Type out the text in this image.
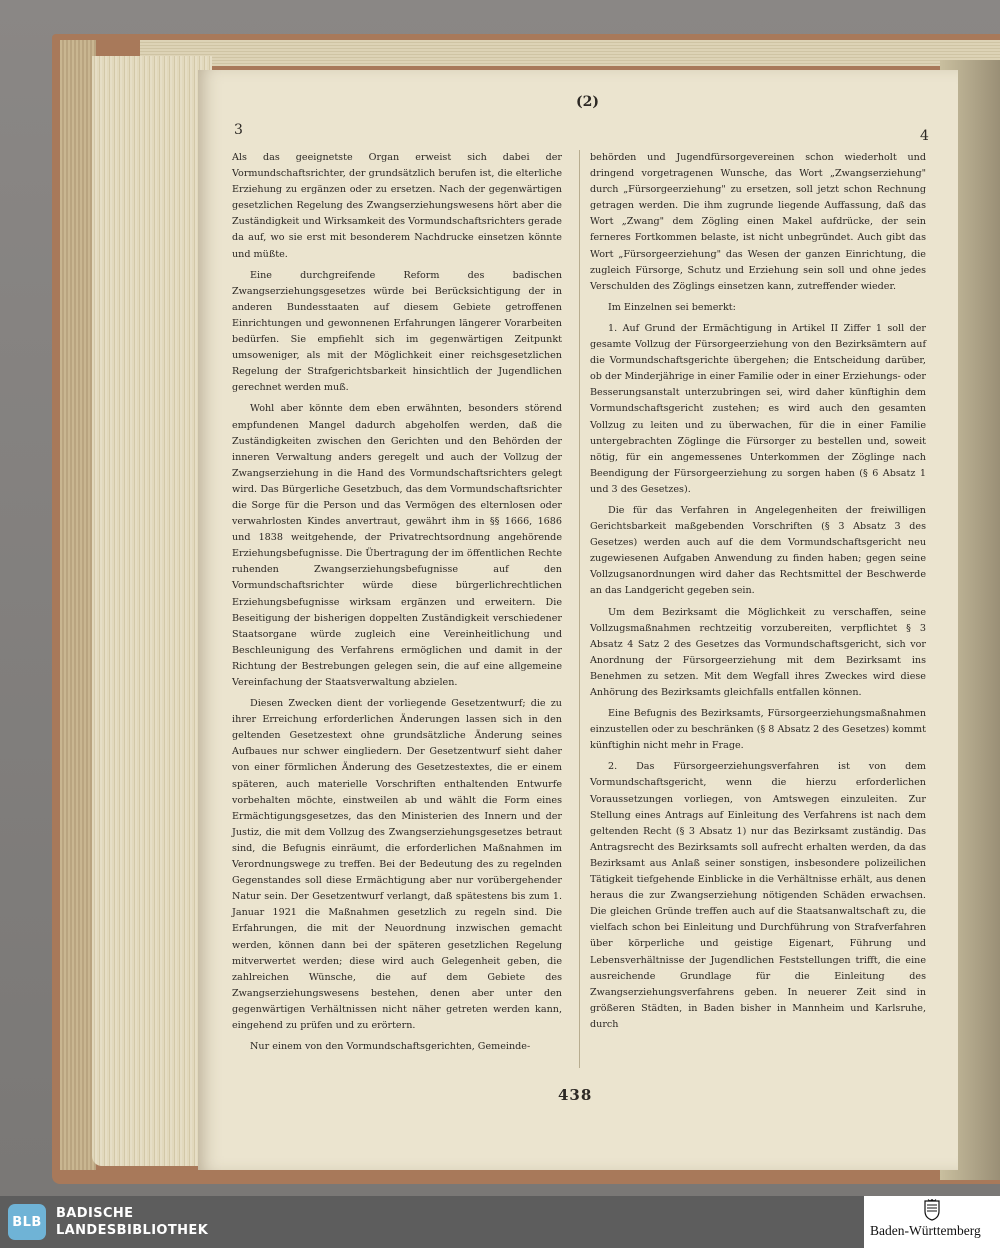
(2)
3	4

Als das geeignetste Organ erweist sich dabei der Vormundschaftsrichter, der grundsätzlich berufen ist, die elterliche Erziehung zu ergänzen oder zu ersetzen. Nach der gegenwärtigen gesetzlichen Regelung des Zwangserziehungswesens hört aber die Zuständigkeit und Wirksamkeit des Vormundschaftsrichters gerade da auf, wo sie erst mit besonderem Nachdrucke einsetzen könnte und müßte.

Eine durchgreifende Reform des badischen Zwangserziehungsgesetzes würde bei Berücksichtigung der in anderen Bundesstaaten auf diesem Gebiete getroffenen Einrichtungen und gewonnenen Erfahrungen längerer Vorarbeiten bedürfen. Sie empfiehlt sich im gegenwärtigen Zeitpunkt umsoweniger, als mit der Möglichkeit einer reichsgesetzlichen Regelung der Strafgerichtsbarkeit hinsichtlich der Jugendlichen gerechnet werden muß.

Wohl aber könnte dem eben erwähnten, besonders störend empfundenen Mangel dadurch abgeholfen werden, daß die Zuständigkeiten zwischen den Gerichten und den Behörden der inneren Verwaltung anders geregelt und auch der Vollzug der Zwangserziehung in die Hand des Vormundschaftsrichters gelegt wird. Das Bürgerliche Gesetzbuch, das dem Vormundschaftsrichter die Sorge für die Person und das Vermögen des elternlosen oder verwahrlosten Kindes anvertraut, gewährt ihm in §§ 1666, 1686 und 1838 weitgehende, der Privatrechtsordnung angehörende Erziehungsbefugnisse. Die Übertragung der im öffentlichen Rechte ruhenden Zwangserziehungsbefugnisse auf den Vormundschaftsrichter würde diese bürgerlichrechtlichen Erziehungsbefugnisse wirksam ergänzen und erweitern. Die Beseitigung der bisherigen doppelten Zuständigkeit verschiedener Staatsorgane würde zugleich eine Vereinheitlichung und Beschleunigung des Verfahrens ermöglichen und damit in der Richtung der Bestrebungen gelegen sein, die auf eine allgemeine Vereinfachung der Staatsverwaltung abzielen.

Diesen Zwecken dient der vorliegende Gesetzentwurf; die zu ihrer Erreichung erforderlichen Änderungen lassen sich in den geltenden Gesetzestext ohne grundsätzliche Änderung seines Aufbaues nur schwer eingliedern. Der Gesetzentwurf sieht daher von einer förmlichen Änderung des Gesetzestextes, die er einem späteren, auch materielle Vorschriften enthaltenden Entwurfe vorbehalten möchte, einstweilen ab und wählt die Form eines Ermächtigungsgesetzes, das den Ministerien des Innern und der Justiz, die mit dem Vollzug des Zwangserziehungsgesetzes betraut sind, die Befugnis einräumt, die erforderlichen Maßnahmen im Verordnungswege zu treffen. Bei der Bedeutung des zu regelnden Gegenstandes soll diese Ermächtigung aber nur vorübergehender Natur sein. Der Gesetzentwurf verlangt, daß spätestens bis zum 1. Januar 1921 die Maßnahmen gesetzlich zu regeln sind. Die Erfahrungen, die mit der Neuordnung inzwischen gemacht werden, können dann bei der späteren gesetzlichen Regelung mitverwertet werden; diese wird auch Gelegenheit geben, die zahlreichen Wünsche, die auf dem Gebiete des Zwangserziehungswesens bestehen, denen aber unter den gegenwärtigen Verhältnissen nicht näher getreten werden kann, eingehend zu prüfen und zu erörtern.

Nur einem von den Vormundschaftsgerichten, Gemeinde-

behörden und Jugendfürsorgevereinen schon wiederholt und dringend vorgetragenen Wunsche, das Wort „Zwangserziehung" durch „Fürsorgeerziehung" zu ersetzen, soll jetzt schon Rechnung getragen werden. Die ihm zugrunde liegende Auffassung, daß das Wort „Zwang" dem Zögling einen Makel aufdrücke, der sein ferneres Fortkommen belaste, ist nicht unbegründet. Auch gibt das Wort „Fürsorgeerziehung" das Wesen der ganzen Einrichtung, die zugleich Fürsorge, Schutz und Erziehung sein soll und ohne jedes Verschulden des Zöglings einsetzen kann, zutreffender wieder.

Im Einzelnen sei bemerkt:

1. Auf Grund der Ermächtigung in Artikel II Ziffer 1 soll der gesamte Vollzug der Fürsorgeerziehung von den Bezirksämtern auf die Vormundschaftsgerichte übergehen; die Entscheidung darüber, ob der Minderjährige in einer Familie oder in einer Erziehungs- oder Besserungsanstalt unterzubringen sei, wird daher künftighin dem Vormundschaftsgericht zustehen; es wird auch den gesamten Vollzug zu leiten und zu überwachen, für die in einer Familie untergebrachten Zöglinge die Fürsorger zu bestellen und, soweit nötig, für ein angemessenes Unterkommen der Zöglinge nach Beendigung der Fürsorgeerziehung zu sorgen haben (§ 6 Absatz 1 und 3 des Gesetzes).

Die für das Verfahren in Angelegenheiten der freiwilligen Gerichtsbarkeit maßgebenden Vorschriften (§ 3 Absatz 3 des Gesetzes) werden auch auf die dem Vormundschaftsgericht neu zugewiesenen Aufgaben Anwendung zu finden haben; gegen seine Vollzugsanordnungen wird daher das Rechtsmittel der Beschwerde an das Landgericht gegeben sein.

Um dem Bezirksamt die Möglichkeit zu verschaffen, seine Vollzugsmaßnahmen rechtzeitig vorzubereiten, verpflichtet § 3 Absatz 4 Satz 2 des Gesetzes das Vormundschaftsgericht, sich vor Anordnung der Fürsorgeerziehung mit dem Bezirksamt ins Benehmen zu setzen. Mit dem Wegfall ihres Zweckes wird diese Anhörung des Bezirksamts gleichfalls entfallen können.

Eine Befugnis des Bezirksamts, Fürsorgeerziehungsmaßnahmen einzustellen oder zu beschränken (§ 8 Absatz 2 des Gesetzes) kommt künftighin nicht mehr in Frage.

2. Das Fürsorgeerziehungsverfahren ist von dem Vormundschaftsgericht, wenn die hierzu erforderlichen Voraussetzungen vorliegen, von Amtswegen einzuleiten. Zur Stellung eines Antrags auf Einleitung des Verfahrens ist nach dem geltenden Recht (§ 3 Absatz 1) nur das Bezirksamt zuständig. Das Antragsrecht des Bezirksamts soll aufrecht erhalten werden, da das Bezirksamt aus Anlaß seiner sonstigen, insbesondere polizeilichen Tätigkeit tiefgehende Einblicke in die Verhältnisse erhält, aus denen heraus die zur Zwangserziehung nötigenden Schäden erwachsen. Die gleichen Gründe treffen auch auf die Staatsanwaltschaft zu, die vielfach schon bei Einleitung und Durchführung von Strafverfahren über körperliche und geistige Eigenart, Führung und Lebensverhältnisse der Jugendlichen Feststellungen trifft, die eine ausreichende Grundlage für die Einleitung des Zwangserziehungsverfahrens geben. In neuerer Zeit sind in größeren Städten, in Baden bisher in Mannheim und Karlsruhe, durch

438
BLB
BADISCHE
LANDESBIBLIOTHEK	Baden-Württemberg
